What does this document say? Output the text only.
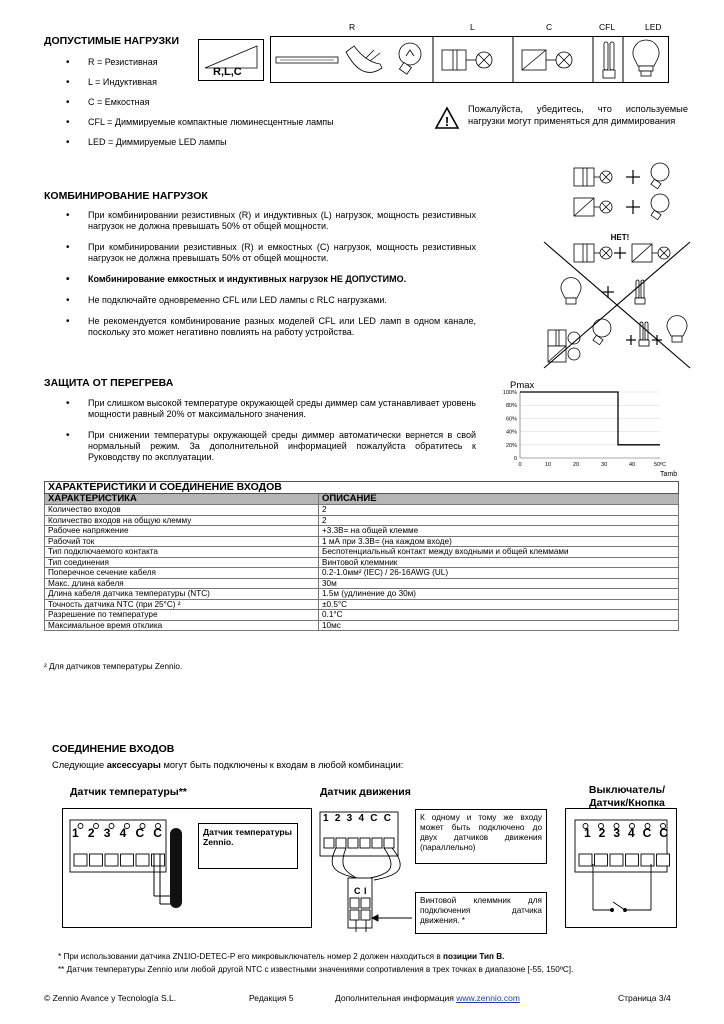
ДОПУСТИМЫЕ НАГРУЗКИ
• R = Резистивная
• L = Индуктивная
• C = Емкостная
• CFL = Диммируемые компактные люминесцентные лампы
• LED = Диммируемые LED лампы
R,L,C
R	L	C	CFL	LED
!
Пожалуйста, убедитесь, что используемые нагрузки могут применяться для диммирования
КОМБИНИРОВАНИЕ НАГРУЗОК
• При комбинировании резистивных (R) и индуктивных (L) нагрузок, мощность резистивных нагрузок не должна превышать 50% от общей мощности.
• При комбинировании резистивных (R) и емкостных (C) нагрузок, мощность резистивных нагрузок не должна превышать 50% от общей мощности.
• Комбинирование емкостных и индуктивных нагрузок НЕ ДОПУСТИМО.
• Не подключайте одновременно CFL или LED лампы с RLC нагрузками.
• Не рекомендуется комбинирование разных моделей CFL или LED ламп в одном канале, поскольку это может негативно повлиять на работу устройства.
НЕТ!
ЗАЩИТА ОТ ПЕРЕГРЕВА
• При слишком высокой температуре окружающей среды диммер сам устанавливает уровень мощности равный 20% от максимального значения.
• При снижении температуры окружающей среды диммер автоматически вернется в свой нормальный режим. За дополнительной информацией пожалуйста обратитесь к Руководству по эксплуатации.
Pmax
Tamb
0
20%
40%
60%
80%
100%
0	10	20	30	40	50ºC
ХАРАКТЕРИСТИКИ И СОЕДИНЕНИЕ ВХОДОВ	
ХАРАКТЕРИСТИКА	ОПИСАНИЕ
Количество входов	2
Количество входов на общую клемму	2
Рабочее напряжение	+3.3В= на общей клемме
Рабочий ток	1 мА при 3.3В= (на каждом входе)
Тип подключаемого контакта	Беспотенциальный контакт между входными и общей клеммами
Тип соединения	Винтовой клеммник
Поперечное сечение кабеля	0.2-1.0мм² (IEC) / 26-16AWG (UL)
Макс. длина кабеля	30м
Длина кабеля датчика температуры (NTC)	1.5м (удлинение до 30м)
Точность датчика NTC (при 25°C) ²	±0.5°C
Разрешение по температуре	0.1°C
Максимальное время отклика	10мс
² Для датчиков температуры Zennio.
СОЕДИНЕНИЕ ВХОДОВ
Следующие аксессуары могут быть подключены к входам в любой комбинации:
Датчик температуры**	Датчик движения	Выключатель/
Датчик/Кнопка
Датчик температуры Zennio.
1 2 3 4 C C
C I
1 2 3 4 C C	К одному и тому же входу может быть подключено до двух датчиков движения (параллельно)
Винтовой клеммник для подключения датчика движения. *
1 2 3 4 C C
* При использовании датчика ZN1IO-DETEC-P его микровыключатель номер 2 должен находиться в позиции Тип B.
** Датчик температуры Zennio или любой другой NTC с известными значениями сопротивления в трех точках в диапазоне [-55, 150ºC].
© Zennio Avance y Tecnología S.L.	Редакция 5	Дополнительная информация www.zennio.com	Страница 3/4
